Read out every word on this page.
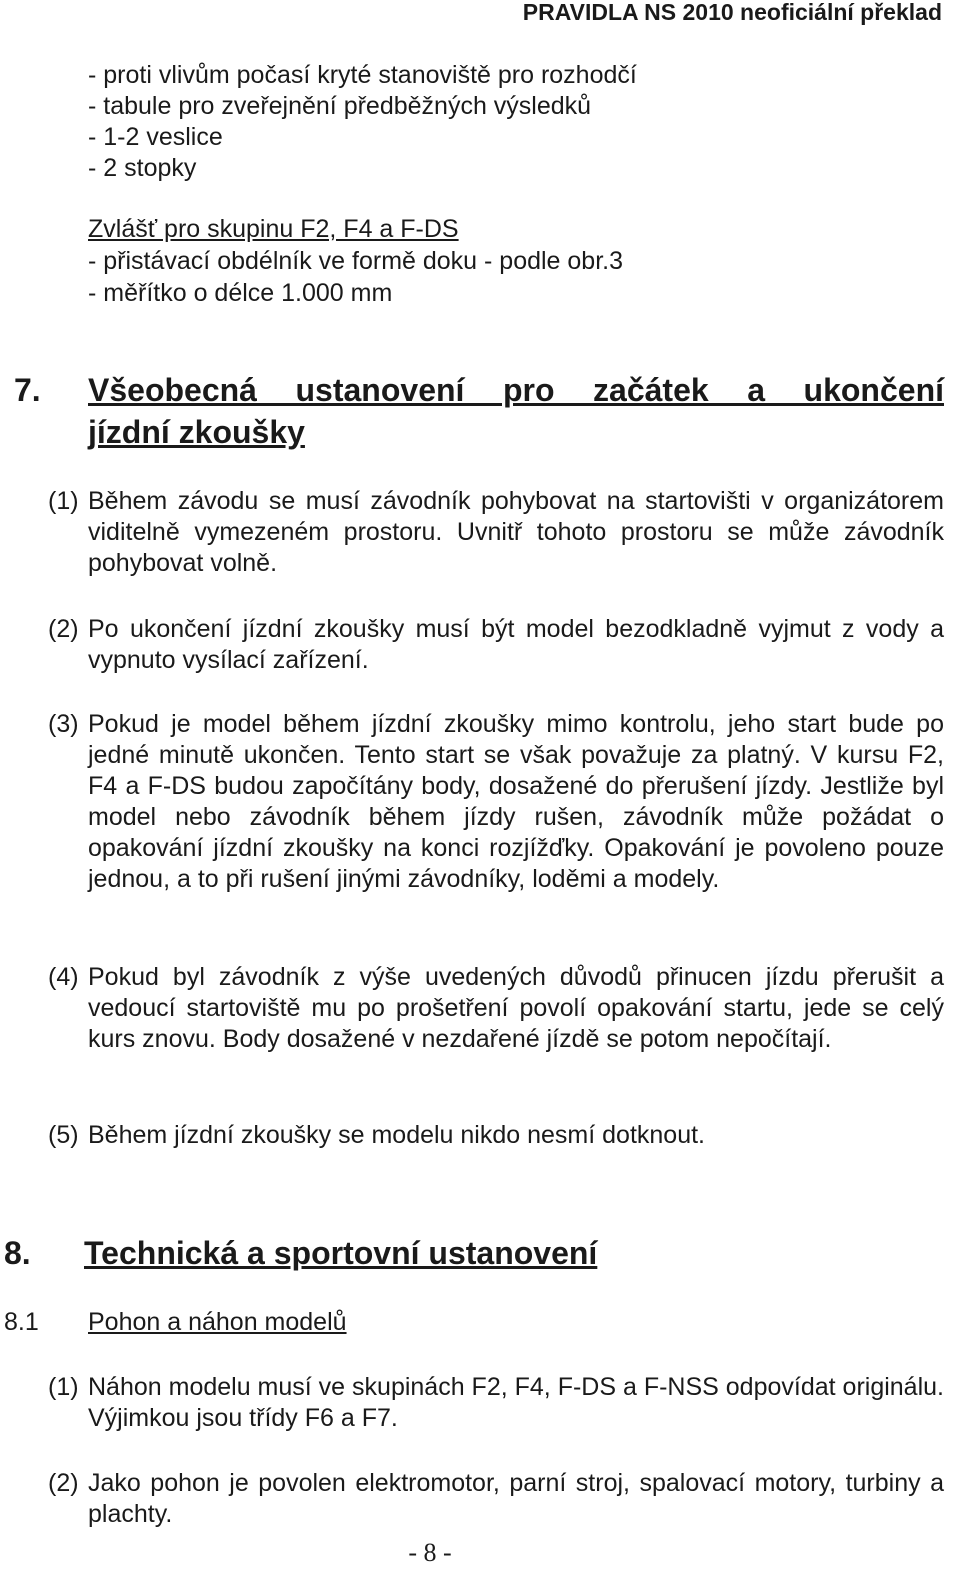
PRAVIDLA NS 2010 neoficiální překlad
- proti vlivům počasí kryté stanoviště pro rozhodčí
- tabule pro zveřejnění předběžných výsledků
- 1-2 veslice
- 2 stopky
Zvlášť pro skupinu F2, F4 a F-DS
- přistávací obdélník ve formě doku - podle obr.3
- měřítko o délce 1.000 mm
7. Všeobecná ustanovení pro začátek a ukončení
jízdní zkoušky
(1) Během závodu se musí závodník pohybovat na startovišti v organizátorem viditelně vymezeném prostoru. Uvnitř tohoto prostoru se může závodník pohybovat volně.
(2) Po ukončení jízdní zkoušky musí být model bezodkladně vyjmut z vody a vypnuto vysílací zařízení.
(3) Pokud je model během jízdní zkoušky mimo kontrolu, jeho start bude po jedné minutě ukončen. Tento start se však považuje za platný. V kursu F2, F4 a F-DS budou započítány body, dosažené do přerušení jízdy. Jestliže byl model nebo závodník během jízdy rušen, závodník může požádat o opakování jízdní zkoušky na konci rozjížďky. Opakování je povoleno pouze jednou, a to při rušení jinými závodníky, loděmi a modely.
(4) Pokud byl závodník z výše uvedených důvodů přinucen jízdu přerušit a vedoucí startoviště mu po prošetření povolí opakování startu, jede se celý kurs znovu. Body dosažené v nezdařené jízdě se potom nepočítají.
(5) Během jízdní zkoušky se modelu nikdo nesmí dotknout.
8. Technická a sportovní ustanovení
8.1 Pohon a náhon modelů
(1) Náhon modelu musí ve skupinách F2, F4, F-DS a F-NSS odpovídat originálu. Výjimkou jsou třídy F6 a F7.
(2) Jako pohon je povolen elektromotor, parní stroj, spalovací motory, turbiny a plachty.
- 8 -
